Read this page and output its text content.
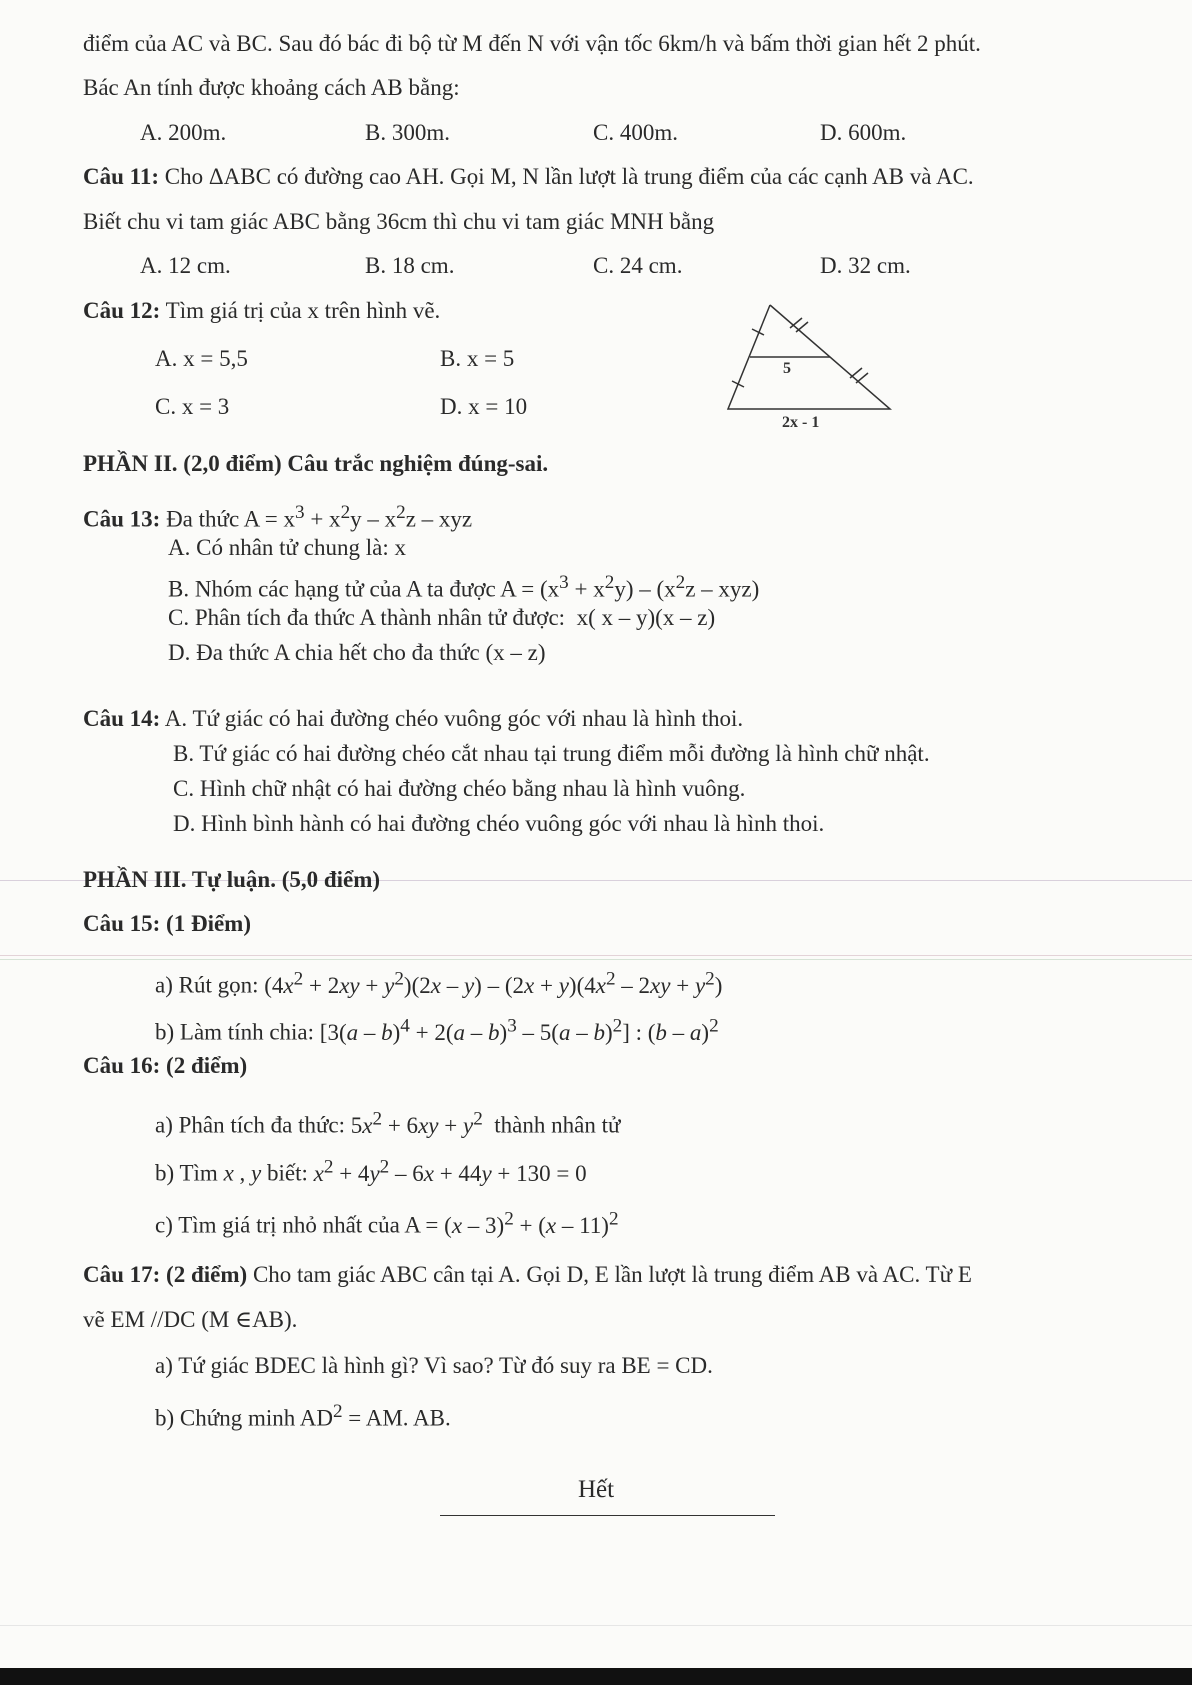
điểm của AC và BC. Sau đó bác đi bộ từ M đến N với vận tốc 6km/h và bấm thời gian hết 2 phút.
Bác An tính được khoảng cách AB bằng:
A. 200m.	B. 300m.	C. 400m.	D. 600m.
Câu 11: Cho ΔABC có đường cao AH. Gọi M, N lần lượt là trung điểm của các cạnh AB và AC.
Biết chu vi tam giác ABC bằng 36cm thì chu vi tam giác MNH bằng
A. 12 cm.	B. 18 cm.	C. 24 cm.	D. 32 cm.
Câu 12: Tìm giá trị của x trên hình vẽ.
A. x = 5,5	B. x = 5
C. x = 3	D. x = 10
5
2x - 1
PHẦN II. (2,0 điểm) Câu trắc nghiệm đúng-sai.
Câu 13: Đa thức $A = x^3 + x^2y - x^2z$ – xyz
A. Có nhân tử chung là: x
B. Nhóm các hạng tử của A ta được $A = (x^3 + x^2y) - (x^2z - xyz)$
C. Phân tích đa thức A thành nhân tử được: x( x – y)(x – z)
D. Đa thức A chia hết cho đa thức (x – z)
Câu 14: A. Tứ giác có hai đường chéo vuông góc với nhau là hình thoi.
B. Tứ giác có hai đường chéo cắt nhau tại trung điểm mỗi đường là hình chữ nhật.
C. Hình chữ nhật có hai đường chéo bằng nhau là hình vuông.
D. Hình bình hành có hai đường chéo vuông góc với nhau là hình thoi.
PHẦN III. Tự luận. (5,0 điểm)
Câu 15: (1 Điểm)
a) Rút gọn: $(4x^2 + 2xy + y^2)(2x - y) - (2x + y)(4x^2 - 2xy + y^2)$
b) Làm tính chia: [3(a – b)$^4$ + 2(a – b)$^3$ – 5(a – b)$^2$] : (b – a)$^2$
Câu 16: (2 điểm)
a) Phân tích đa thức: $5x^2 + 6xy + y^2$ thành nhân tử
b) Tìm x , y biết: $x^2 + 4y^2 - 6x + 44y + 130 = 0$
c) Tìm giá trị nhỏ nhất của A = (x – 3)$^2$ + (x – 11)$^2$
Câu 17: (2 điểm) Cho tam giác ABC cân tại A. Gọi D, E lần lượt là trung điểm AB và AC. Từ E
vẽ EM //DC (M ∈AB).
a) Tứ giác BDEC là hình gì? Vì sao? Từ đó suy ra BE = CD.
b) Chứng minh $AD^2$ = AM. AB.
Hết
